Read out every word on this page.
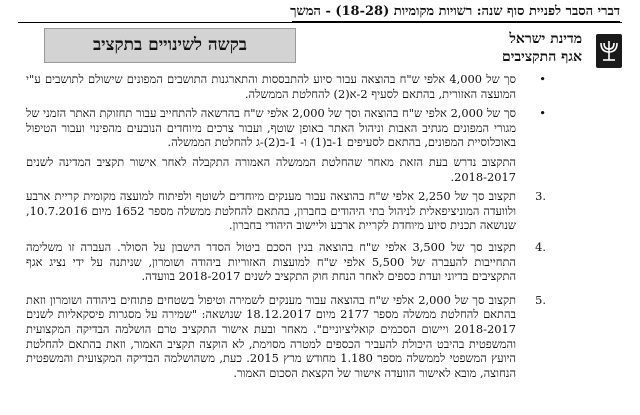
דברי הסבר לפניית סוף שנה: רשויות מקומיות (18-28) - המשך
מדינת ישראל
אגף התקציבים
בקשה לשינויים בתקציב
•
סך של 4,000 אלפי ש"ח בהוצאה עבור סיוע להתבססות והתארגנות התושבים המפונים שישולם לתושבים ע"י המועצה האזורית, בהתאם לסעיף 2-א(2) להחלטת הממשלה.
•
סך של 2,000 אלפי ש"ח בהוצאה וסך של 2,000 אלפי ש"ח בהרשאה להתחייב עבור תחזוקת האתר הזמני של מגורי המפונים מגתיב האבות וניהול האתר באופן שוטף, ועבור צרכים מיוחדים הנובעים מהפינוי ועבור הטיפול באוכלוסיית המפונים, בהתאם לסעיפים 1-ב(1) ו- 1-ב(2)-ג להחלטת הממשלה.
התקצוב נדרש בעת הזאת מאחר שהחלטת הממשלה האמורה התקבלה לאחר אישור תקציב המדינה לשנים 2018-2017.
.3
תקצוב סך של 2,250 אלפי ש"ח בהוצאה עבור מענקים מיוחדים לשוטף ולפיתוח למועצה מקומית קריית ארבע ולוועדה המוניציפאלית לניהול בתי היהודים בחברון, בהתאם להחלטת ממשלה מספר 1652 מיום 10.7.2016, שנושאה תכנית סיוע מיוחדת לקריית ארבע וליישוב היהודי בחברון.
.4
תקצוב סך של 3,500 אלפי ש"ח בהוצאה בגין הסכם ביטול הסדר הישבון על הסולר. העברה זו משלימה התחייבות להעברה של 5,500 אלפי ש"ח למועצות האזוריות ביהודה ושומרון, שניתנה על ידי נציג אגף התקציבים בדיוני ועדת כספים לאחר הנחת חוק התקציב לשנים 2018-2017 בוועדה.
.5
תקצוב סך של 2,000 אלפי ש"ח בהוצאה עבור מענקים לשמירה וטיפול בשטחים פתוחים ביהודה ושומרון וזאת בהתאם להחלטת ממשלה מספר 2177 מיום 18.12.2017 שנושאה: "שמירה על מסגרות פיסקאליות לשנים 2018-2017 ויישום הסכמים קואליציוניים". מאחר ובעת אישור התקציב טרם הושלמה הבדיקה המקצועית והמשפטית בהיבט היכולת להעביר הכספים למטרה מסוימת, לא הוקצה תקציב האמור, וזאת בהתאם להחלטת היועץ המשפטי לממשלה מספר 1.180 מחודש מרץ 2015. כעת, משהושלמה הבדיקה המקצועית והמשפטית הנחוצה, מובא לאישור הוועדה אישור של הקצאת הסכום האמור.
